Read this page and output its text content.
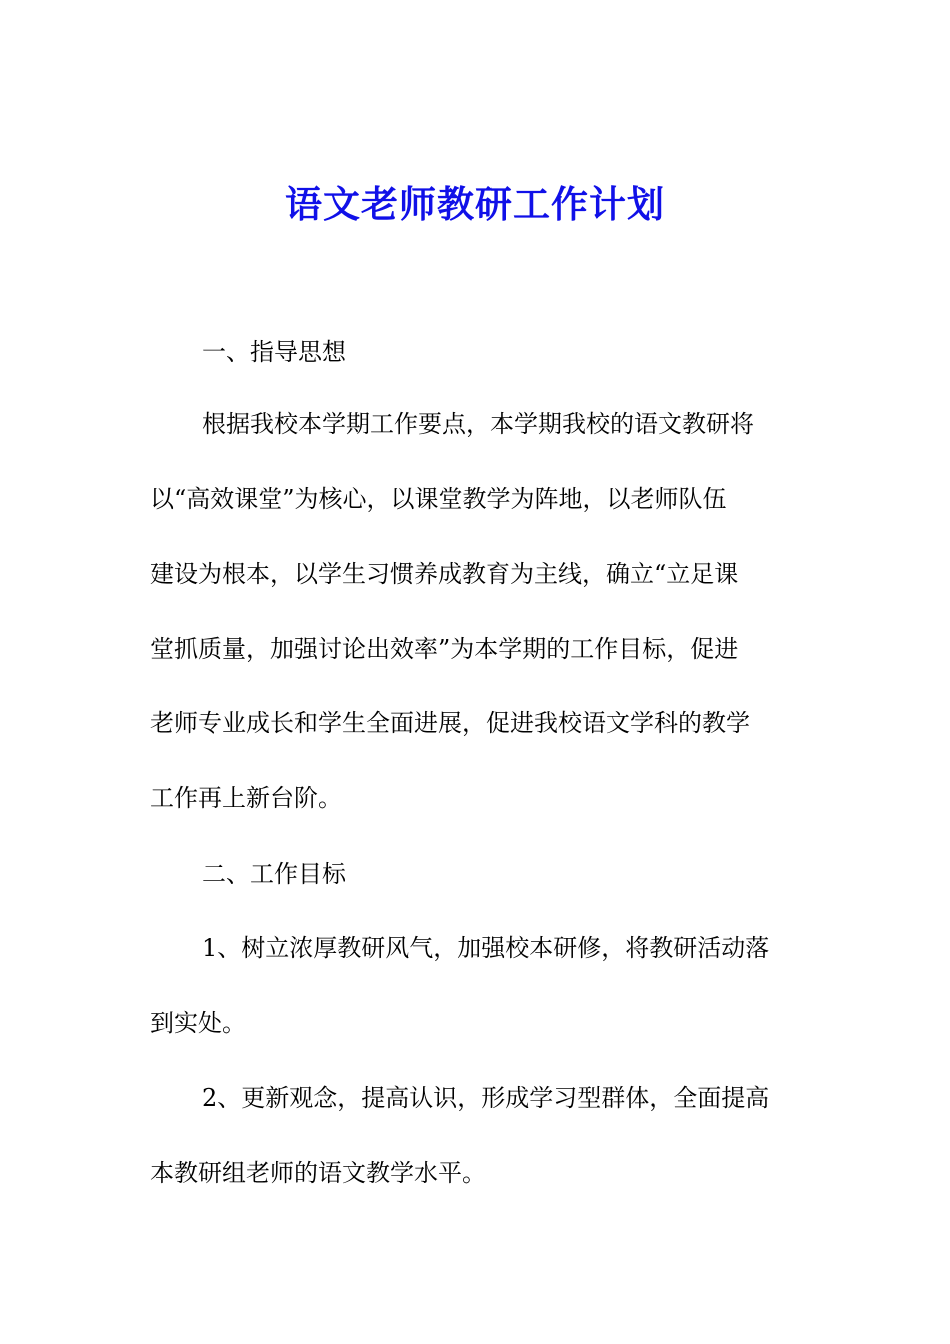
语文老师教研工作计划
一、指导思想
根据我校本学期工作要点，本学期我校的语文教研将
以“高效课堂”为核心，以课堂教学为阵地，以老师队伍
建设为根本，以学生习惯养成教育为主线，确立“立足课
堂抓质量，加强讨论出效率”为本学期的工作目标，促进
老师专业成长和学生全面进展，促进我校语文学科的教学
工作再上新台阶。
二、工作目标
1、树立浓厚教研风气，加强校本研修，将教研活动落
到实处。
2、更新观念，提高认识，形成学习型群体，全面提高
本教研组老师的语文教学水平。
